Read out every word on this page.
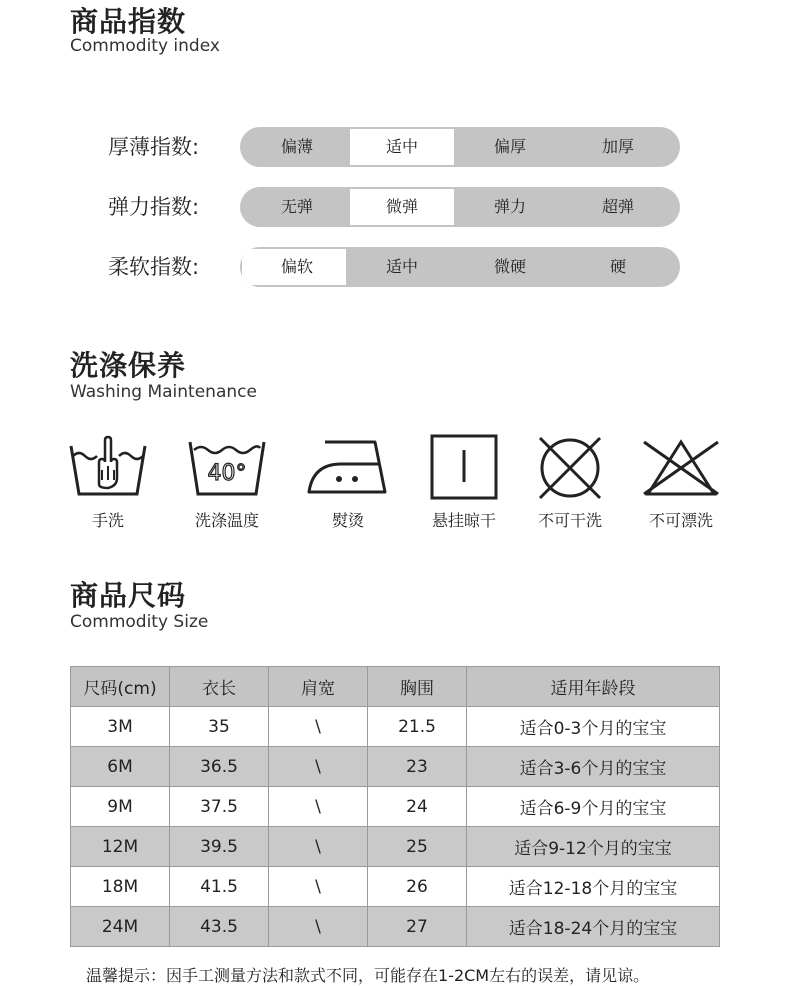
商品指数
Commodity index
厚薄指数:	偏薄	适中	偏厚	加厚
弹力指数:	无弹	微弹	弹力	超弹
柔软指数:	偏软	适中	微硬	硬
洗涤保养
Washing Maintenance
手洗
40°
洗涤温度	熨烫	悬挂晾干	不可干洗	不可漂洗
商品尺码
Commodity Size
尺码(cm)	衣长	肩宽	胸围	适用年龄段
3M	35	\	21.5	适合0-3个月的宝宝
6M	36.5	\	23	适合3-6个月的宝宝
9M	37.5	\	24	适合6-9个月的宝宝
12M	39.5	\	25	适合9-12个月的宝宝
18M	41.5	\	26	适合12-18个月的宝宝
24M	43.5	\	27	适合18-24个月的宝宝
温馨提示：因手工测量方法和款式不同，可能存在1-2CM左右的误差，请见谅。
